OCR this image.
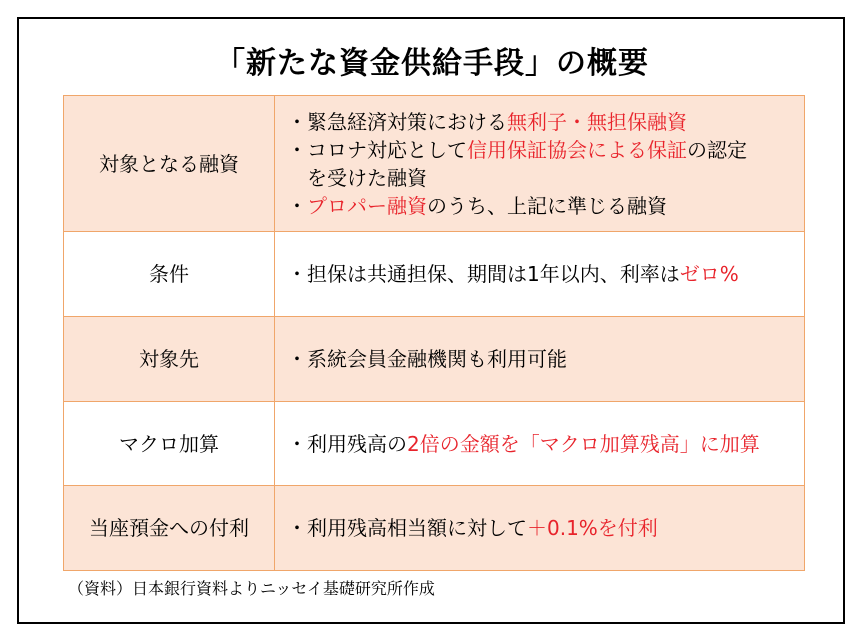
「新たな資金供給手段」の概要
対象となる融資	・緊急経済対策における無利子・無担保融資
・コロナ対応として信用保証協会による保証の認定
　を受けた融資
・プロパー融資のうち、上記に準じる融資

条件	・担保は共通担保、期間は1年以内、利率はゼロ%

対象先	・系統会員金融機関も利用可能

マクロ加算	・利用残高の2倍の金額を「マクロ加算残高」に加算

当座預金への付利	・利用残高相当額に対して＋0.1%を付利
（資料）日本銀行資料よりニッセイ基礎研究所作成
